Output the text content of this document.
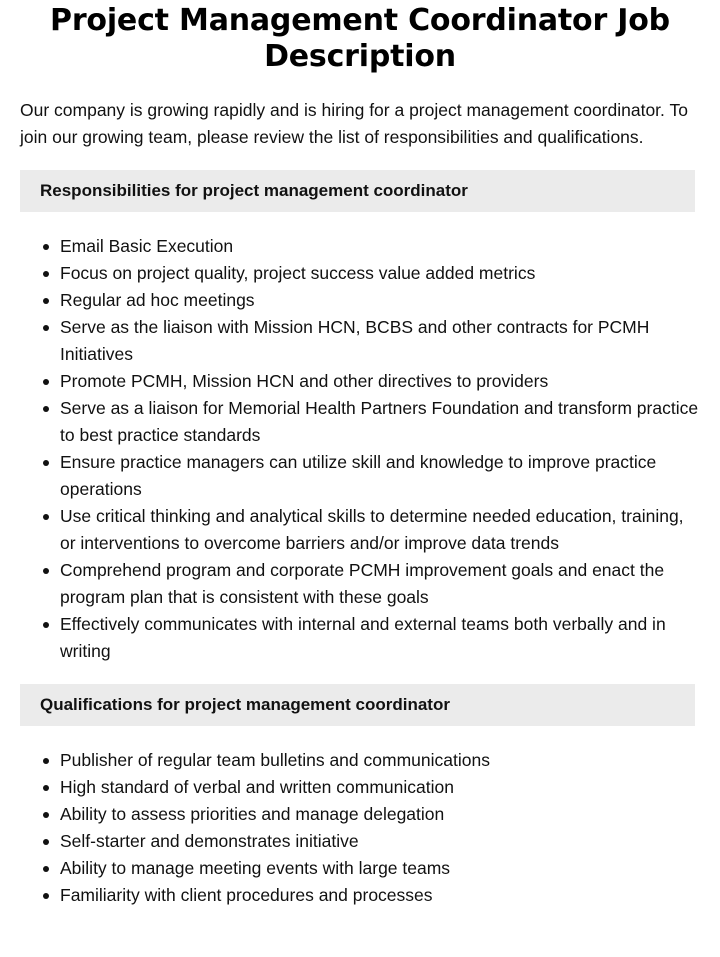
Project Management Coordinator Job Description

Our company is growing rapidly and is hiring for a project management coordinator. To join our growing team, please review the list of responsibilities and qualifications.

Responsibilities for project management coordinator
Email Basic Execution
Focus on project quality, project success value added metrics
Regular ad hoc meetings
Serve as the liaison with Mission HCN, BCBS and other contracts for PCMH Initiatives
Promote PCMH, Mission HCN and other directives to providers
Serve as a liaison for Memorial Health Partners Foundation and transform practice to best practice standards
Ensure practice managers can utilize skill and knowledge to improve practice operations
Use critical thinking and analytical skills to determine needed education, training, or interventions to overcome barriers and/or improve data trends
Comprehend program and corporate PCMH improvement goals and enact the program plan that is consistent with these goals
Effectively communicates with internal and external teams both verbally and in writing
Qualifications for project management coordinator
Publisher of regular team bulletins and communications
High standard of verbal and written communication
Ability to assess priorities and manage delegation
Self-starter and demonstrates initiative
Ability to manage meeting events with large teams
Familiarity with client procedures and processes
